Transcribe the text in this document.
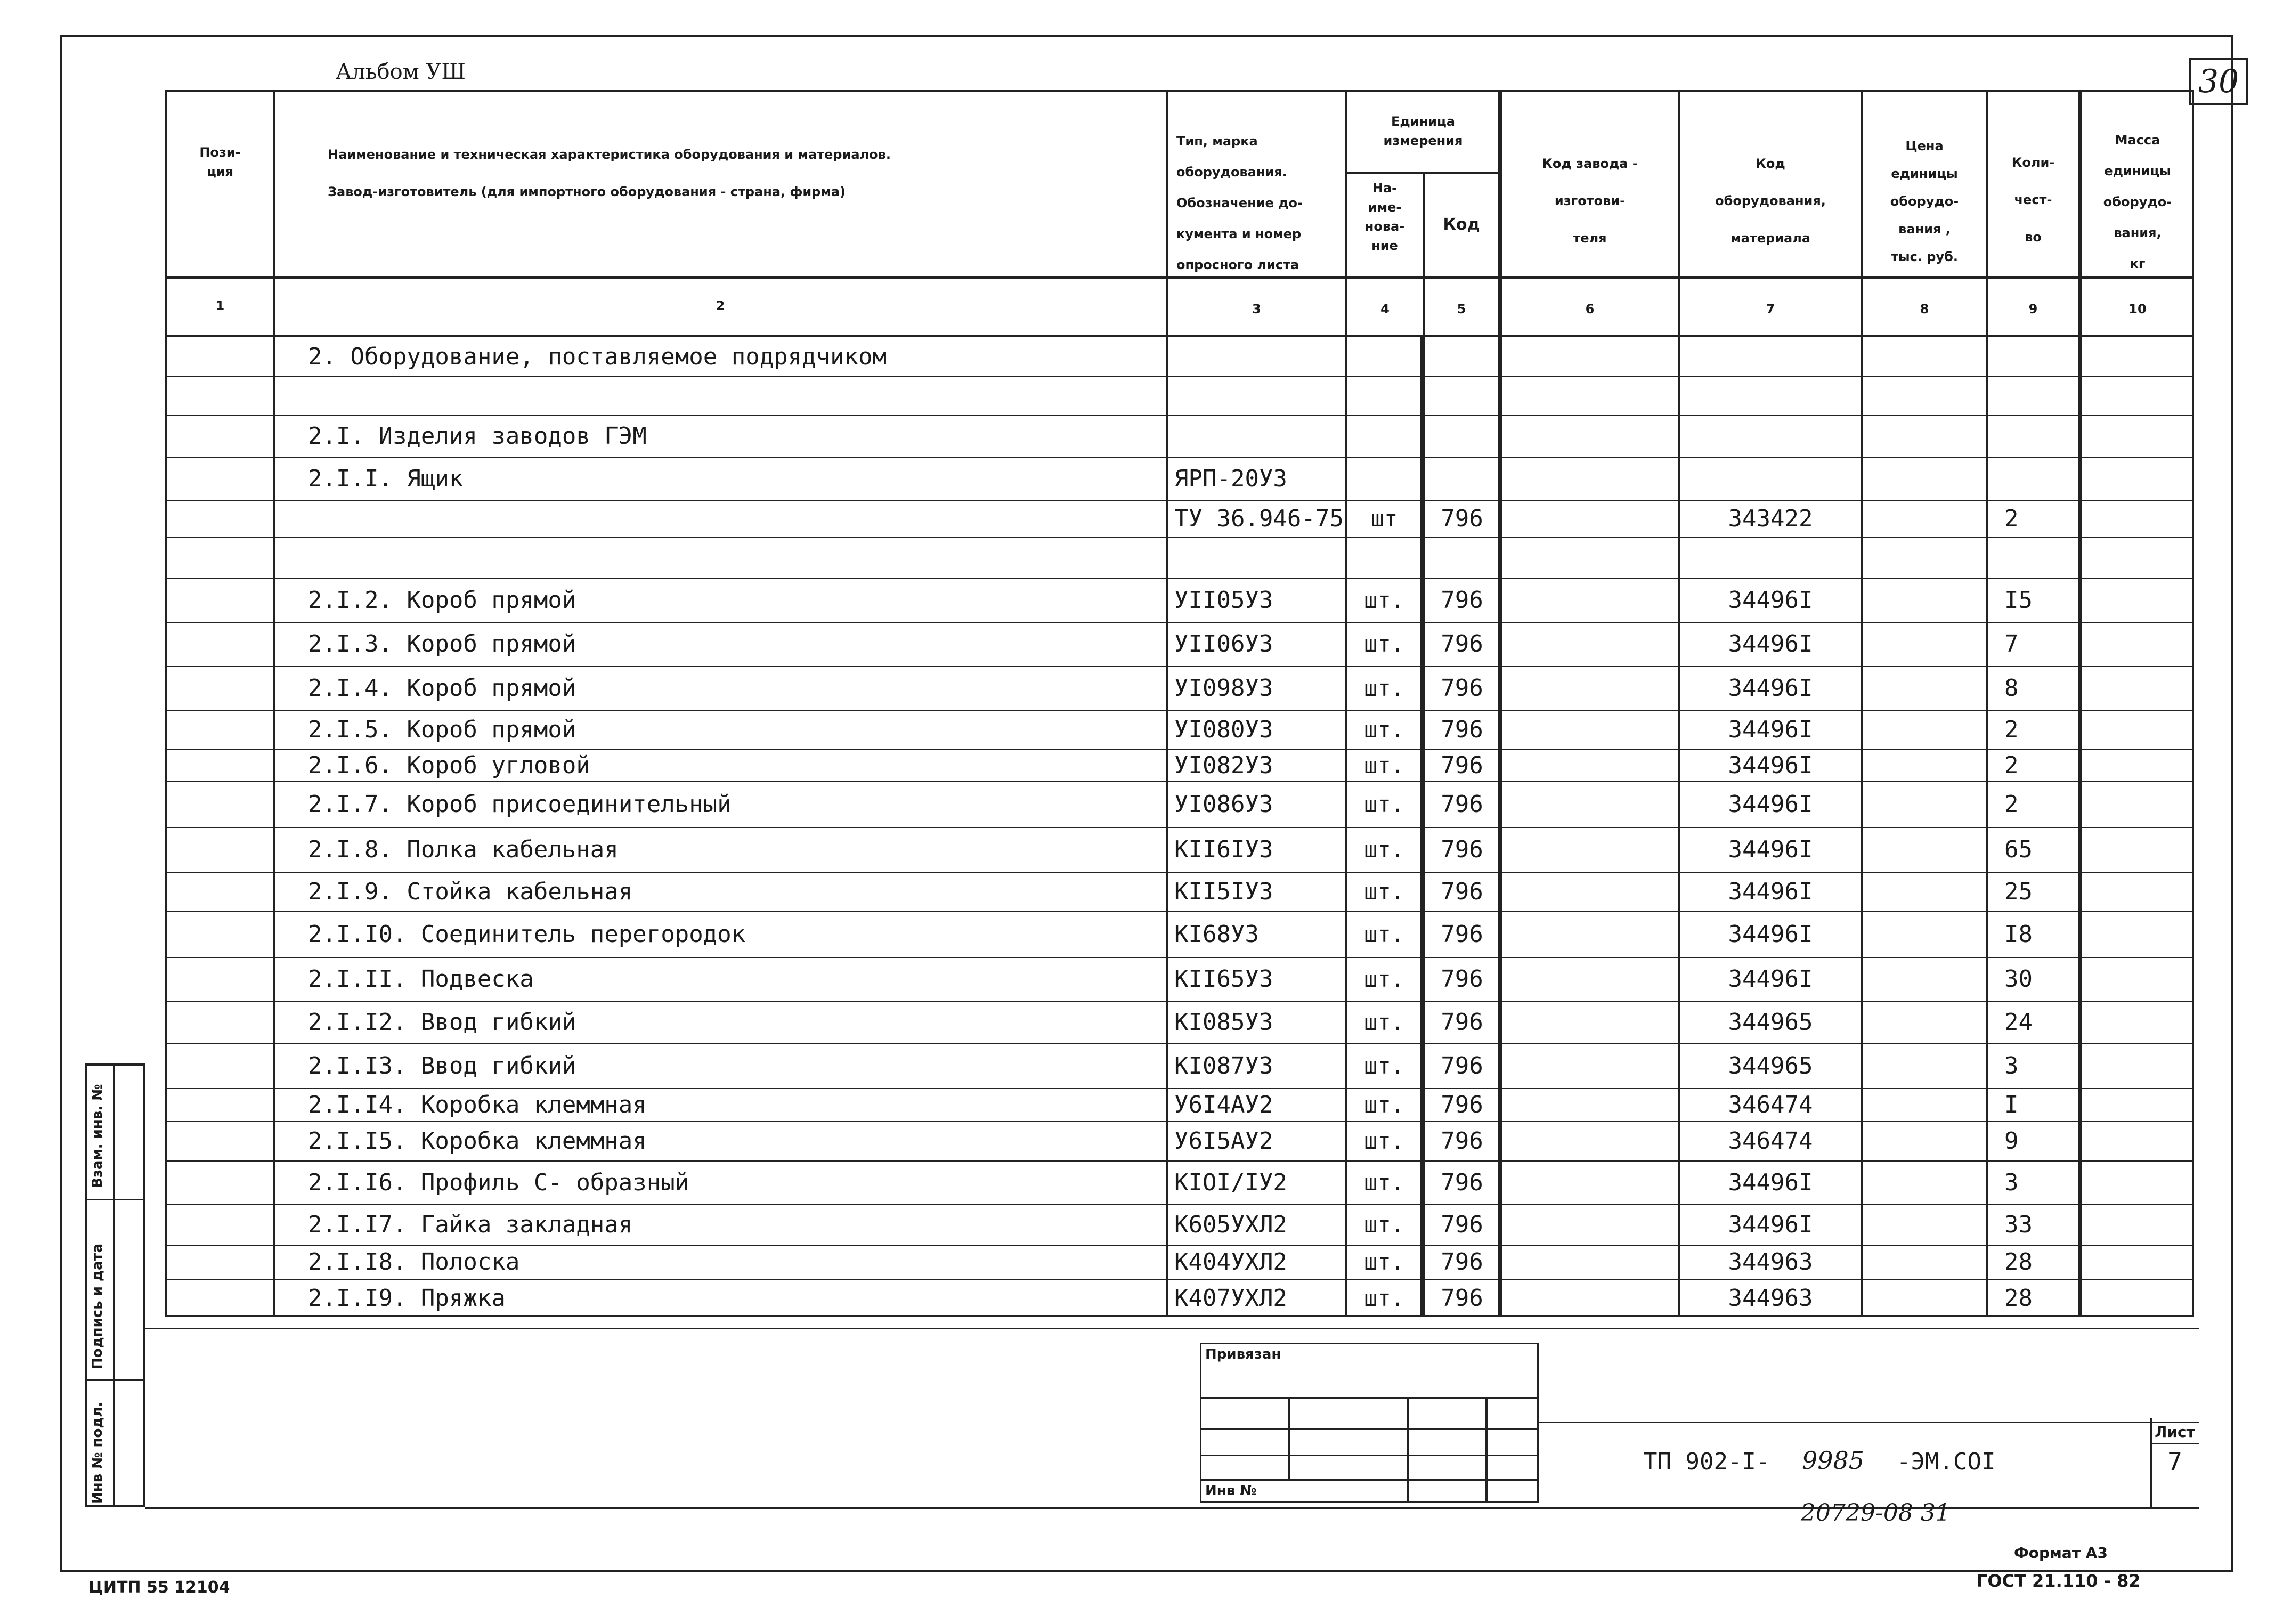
Альбом УШ	30
Пози-
ция
Наименование и техническая характеристика оборудования и материалов.
Завод-изготовитель (для импортного оборудования - страна, фирма)
Тип, марка
оборудования.
Обозначение до-
кумента и номер
опросного листа
Единица
измерения
На-
име-
нова-
ние
Код
Код завода -
изготови-
теля
Код
оборудования,
материала
Цена
единицы
оборудо-
вания ,
тыс. руб.
Коли-
чест-
во
Масса
единицы
оборудо-
вания,
кг
1	2	3	4	5	6	7	8	9	10
2. Оборудование, поставляемое подрядчиком
2.I. Изделия заводов ГЭМ
2.I.I. Ящик	ЯРП-20У3
ТУ 36.946-75	шт	796	343422	2
2.I.2. Короб прямой	УII05У3	шт.	796	34496I	I5
2.I.3. Короб прямой	УII06У3	шт.	796	34496I	7
2.I.4. Короб прямой	УI098У3	шт.	796	34496I	8
2.I.5. Короб прямой	УI080У3	шт.	796	34496I	2
2.I.6. Короб угловой	УI082У3	шт.	796	34496I	2
2.I.7. Короб присоединительный	УI086У3	шт.	796	34496I	2
2.I.8. Полка кабельная	KII6IУ3	шт.	796	34496I	65
2.I.9. Стойка кабельная	KII5IУ3	шт.	796	34496I	25
2.I.I0. Соединитель перегородок	KI68У3	шт.	796	34496I	I8
2.I.II. Подвеска	KII65У3	шт.	796	34496I	30
2.I.I2. Ввод гибкий	KI085У3	шт.	796	344965	24
2.I.I3. Ввод гибкий	KI087У3	шт.	796	344965	3
2.I.I4. Коробка клеммная	У6I4АУ2	шт.	796	346474	I
2.I.I5. Коробка клеммная	У6I5АУ2	шт.	796	346474	9
2.I.I6. Профиль С- образный	KIOI/IУ2	шт.	796	34496I	3
2.I.I7. Гайка закладная	K605УХЛ2	шт.	796	34496I	33
2.I.I8. Полоска	K404УХЛ2	шт.	796	344963	28
2.I.I9. Пряжка	K407УХЛ2	шт.	796	344963	28
Взам. инв. №
Подпись и дата
Инв № подл.
Привязан
Инв №
Лист
7
ТП 902-I- 9985 -ЭМ.СОI
20729-08 31
ЦИТП 55 12104
Формат А3
ГОСТ 21.110 - 82
